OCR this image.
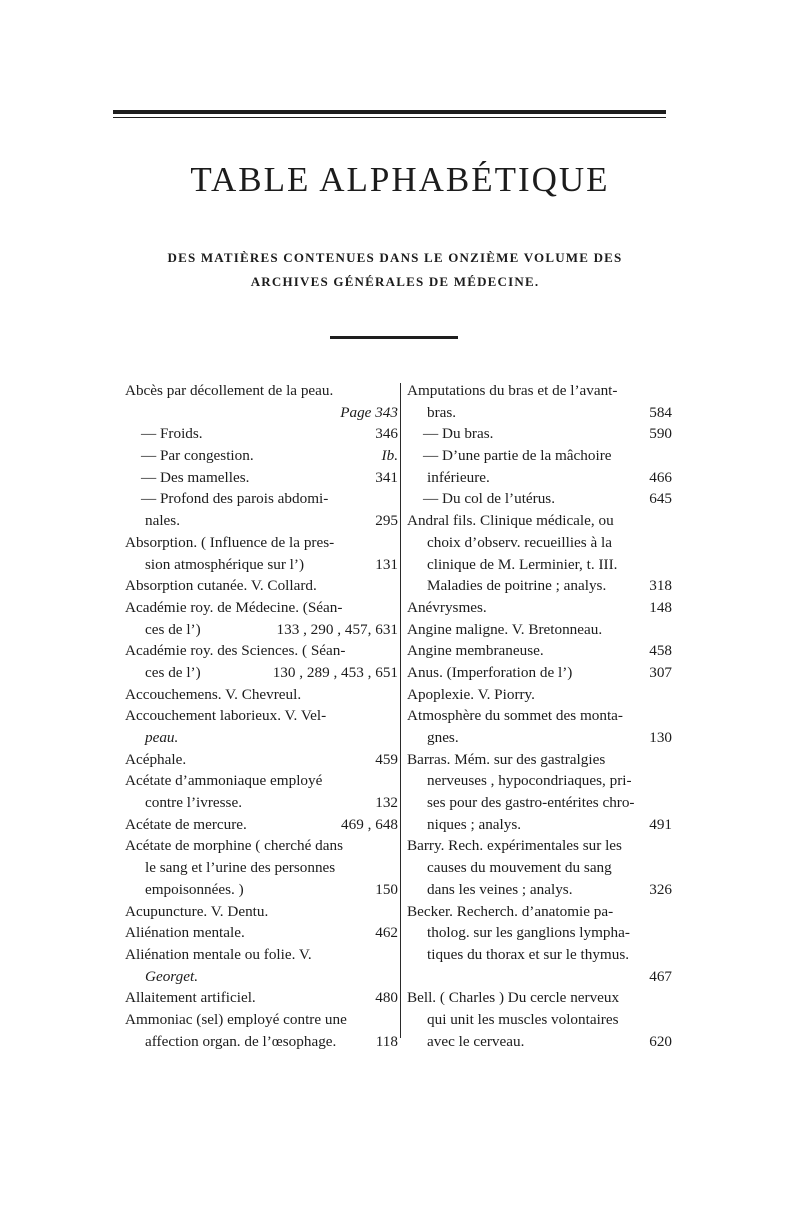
TABLE ALPHABÉTIQUE
DES MATIÈRES CONTENUES DANS LE ONZIÈME VOLUME DES
ARCHIVES GÉNÉRALES DE MÉDECINE.
Abcès par décollement de la peau.
Page 343
— Froids.	346
— Par congestion.	Ib.
— Des mamelles.	341
— Profond des parois abdomi-
nales.	295
Absorption. ( Influence de la pres-
sion atmosphérique sur l’)	131
Absorption cutanée. V. Collard.
Académie roy. de Médecine. (Séan-
ces de l’)	133 , 290 , 457, 631
Académie roy. des Sciences. ( Séan-
ces de l’)	130 , 289 , 453 , 651
Accouchemens. V. Chevreul.
Accouchement laborieux. V. Vel-
peau.
Acéphale.	459
Acétate d’ammoniaque employé
contre l’ivresse.	132
Acétate de mercure.	469 , 648
Acétate de morphine ( cherché dans
le sang et l’urine des personnes
empoisonnées. )	150
Acupuncture. V. Dentu.
Aliénation mentale.	462
Aliénation mentale ou folie. V.
Georget.
Allaitement artificiel.	480
Ammoniac (sel) employé contre une
affection organ. de l’œsophage.	118
Amputations du bras et de l’avant-
bras.	584
— Du bras.	590
— D’une partie de la mâchoire
inférieure.	466
— Du col de l’utérus.	645
Andral fils. Clinique médicale, ou
choix d’observ. recueillies à la
clinique de M. Lerminier, t. III.
Maladies de poitrine ; analys.	318
Anévrysmes.	148
Angine maligne. V. Bretonneau.
Angine membraneuse.	458
Anus. (Imperforation de l’)	307
Apoplexie. V. Piorry.
Atmosphère du sommet des monta-
gnes.	130
Barras. Mém. sur des gastralgies
nerveuses , hypocondriaques, pri-
ses pour des gastro-entérites chro-
niques ; analys.	491
Barry. Rech. expérimentales sur les
causes du mouvement du sang
dans les veines ; analys.	326
Becker. Recherch. d’anatomie pa-
tholog. sur les ganglions lympha-
tiques du thorax et sur le thymus.
467
Bell. ( Charles ) Du cercle nerveux
qui unit les muscles volontaires
avec le cerveau.	620
